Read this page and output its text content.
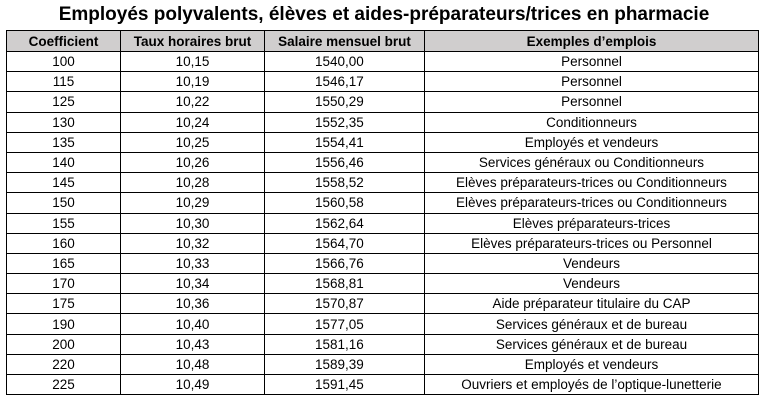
Employés polyvalents, élèves et aides-préparateurs/trices en pharmacie
Coefficient	Taux horaires brut	Salaire mensuel brut	Exemples d’emplois
100	10,15	1540,00	Personnel
115	10,19	1546,17	Personnel
125	10,22	1550,29	Personnel
130	10,24	1552,35	Conditionneurs
135	10,25	1554,41	Employés et vendeurs
140	10,26	1556,46	Services généraux ou Conditionneurs
145	10,28	1558,52	Elèves préparateurs-trices ou Conditionneurs
150	10,29	1560,58	Elèves préparateurs-trices ou Conditionneurs
155	10,30	1562,64	Elèves préparateurs-trices
160	10,32	1564,70	Elèves préparateurs-trices ou Personnel
165	10,33	1566,76	Vendeurs
170	10,34	1568,81	Vendeurs
175	10,36	1570,87	Aide préparateur titulaire du CAP
190	10,40	1577,05	Services généraux et de bureau
200	10,43	1581,16	Services généraux et de bureau
220	10,48	1589,39	Employés et vendeurs
225	10,49	1591,45	Ouvriers et employés de l’optique-lunetterie
